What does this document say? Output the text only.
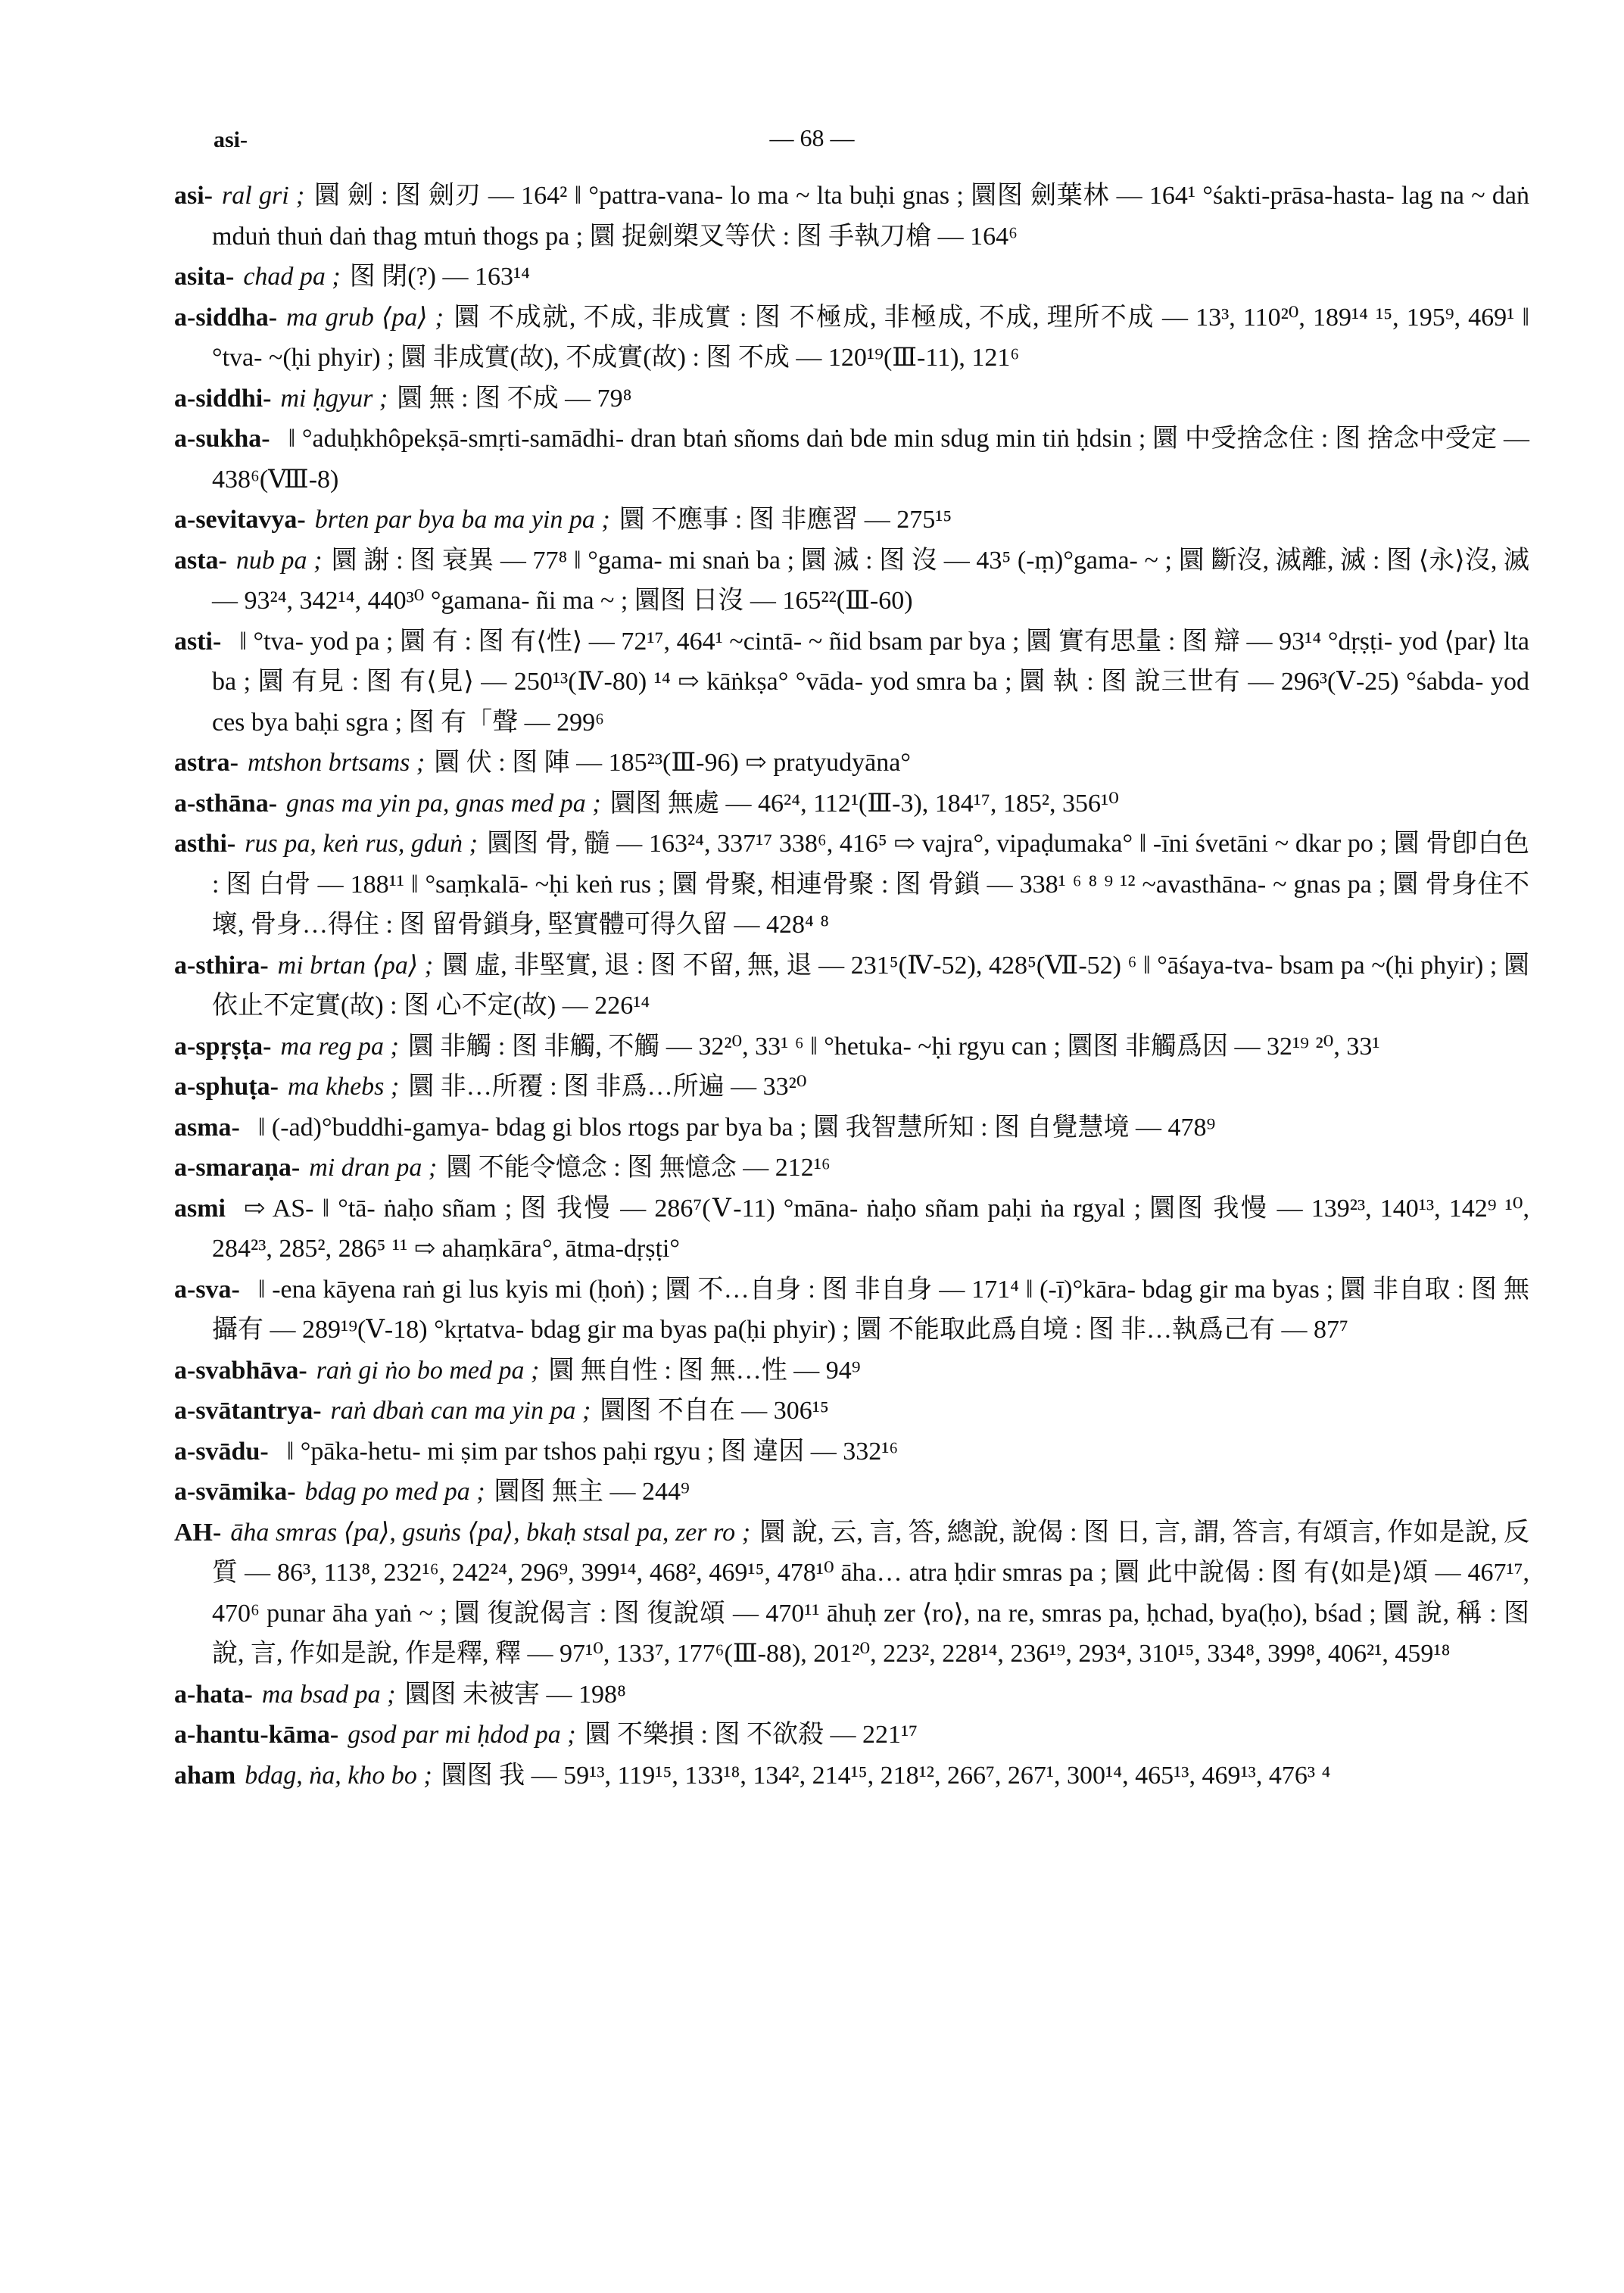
asi-	— 68 —

asi- ral gri ; 圜 劍 : 图 劍刃 — 164² ‖ °pattra-vana- lo ma ~ lta buḥi gnas ; 圜图 劍葉林 — 164¹ °śakti-prāsa-hasta- lag na ~ daṅ mduṅ thuṅ daṅ thag mtuṅ thogs pa ; 圜 捉劍槊叉等伏 : 图 手執刀槍 — 164⁶

asita- chad pa ; 图 閉(?) — 163¹⁴

a-siddha- ma grub ⟨pa⟩ ; 圜 不成就, 不成, 非成實 : 图 不極成, 非極成, 不成, 理所不成 — 13³, 110²⁰, 189¹⁴ ¹⁵, 195⁹, 469¹ ‖ °tva- ~(ḥi phyir) ; 圜 非成實(故), 不成實(故) : 图 不成 — 120¹⁹(Ⅲ-11), 121⁶

a-siddhi- mi ḥgyur ; 圜 無 : 图 不成 — 79⁸

a-sukha- ‖ °aduḥkhôpekṣā-smṛti-samādhi- dran btaṅ sñoms daṅ bde min sdug min tiṅ ḥdsin ; 圜 中受捨念住 : 图 捨念中受定 — 438⁶(Ⅷ-8)

a-sevitavya- brten par bya ba ma yin pa ; 圜 不應事 : 图 非應習 — 275¹⁵

asta- nub pa ; 圜 謝 : 图 衰異 — 77⁸ ‖ °gama- mi snaṅ ba ; 圜 滅 : 图 沒 — 43⁵ (-ṃ)°gama- ~ ; 圜 斷沒, 滅離, 滅 : 图 ⟨永⟩沒, 滅 — 93²⁴, 342¹⁴, 440³⁰ °gamana- ñi ma ~ ; 圜图 日沒 — 165²²(Ⅲ-60)

asti- ‖ °tva- yod pa ; 圜 有 : 图 有⟨性⟩ — 72¹⁷, 464¹ ~cintā- ~ ñid bsam par bya ; 圜 實有思量 : 图 辯 — 93¹⁴ °dṛṣṭi- yod ⟨par⟩ lta ba ; 圜 有見 : 图 有⟨見⟩ — 250¹³(Ⅳ-80) ¹⁴ ⇨ kāṅkṣa° °vāda- yod smra ba ; 圜 執 : 图 說三世有 — 296³(Ⅴ-25) °śabda- yod ces bya baḥi sgra ; 图 有「聲 — 299⁶

astra- mtshon brtsams ; 圜 伏 : 图 陣 — 185²³(Ⅲ-96) ⇨ pratyudyāna°

a-sthāna- gnas ma yin pa, gnas med pa ; 圜图 無處 — 46²⁴, 112¹(Ⅲ-3), 184¹⁷, 185², 356¹⁰

asthi- rus pa, keṅ rus, gduṅ ; 圜图 骨, 髓 — 163²⁴, 337¹⁷ 338⁶, 416⁵ ⇨ vajra°, vipaḍumaka° ‖ -īni śvetāni ~ dkar po ; 圜 骨卽白色 : 图 白骨 — 188¹¹ ‖ °saṃkalā- ~ḥi keṅ rus ; 圜 骨聚, 相連骨聚 : 图 骨鎖 — 338¹ ⁶ ⁸ ⁹ ¹² ~avasthāna- ~ gnas pa ; 圜 骨身住不壞, 骨身…得住 : 图 留骨鎖身, 堅實體可得久留 — 428⁴ ⁸

a-sthira- mi brtan ⟨pa⟩ ; 圜 虛, 非堅實, 退 : 图 不留, 無, 退 — 231⁵(Ⅳ-52), 428⁵(Ⅶ-52) ⁶ ‖ °āśaya-tva- bsam pa ~(ḥi phyir) ; 圜 依止不定實(故) : 图 心不定(故) — 226¹⁴

a-spṛṣṭa- ma reg pa ; 圜 非觸 : 图 非觸, 不觸 — 32²⁰, 33¹ ⁶ ‖ °hetuka- ~ḥi rgyu can ; 圜图 非觸爲因 — 32¹⁹ ²⁰, 33¹

a-sphuṭa- ma khebs ; 圜 非…所覆 : 图 非爲…所遍 — 33²⁰

asma- ‖ (-ad)°buddhi-gamya- bdag gi blos rtogs par bya ba ; 圜 我智慧所知 : 图 自覺慧境 — 478⁹

a-smaraṇa- mi dran pa ; 圜 不能令憶念 : 图 無憶念 — 212¹⁶

asmi ⇨ AS- ‖ °tā- ṅaḥo sñam ; 图 我慢 — 286⁷(Ⅴ-11) °māna- ṅaḥo sñam paḥi ṅa rgyal ; 圜图 我慢 — 139²³, 140¹³, 142⁹ ¹⁰, 284²³, 285², 286⁵ ¹¹ ⇨ ahaṃkāra°, ātma-dṛṣṭi°

a-sva- ‖ -ena kāyena raṅ gi lus kyis mi (ḥoṅ) ; 圜 不…自身 : 图 非自身 — 171⁴ ‖ (-ī)°kāra- bdag gir ma byas ; 圜 非自取 : 图 無攝有 — 289¹⁹(Ⅴ-18) °kṛtatva- bdag gir ma byas pa(ḥi phyir) ; 圜 不能取此爲自境 : 图 非…執爲己有 — 87⁷

a-svabhāva- raṅ gi ṅo bo med pa ; 圜 無自性 : 图 無…性 — 94⁹

a-svātantrya- raṅ dbaṅ can ma yin pa ; 圜图 不自在 — 306¹⁵

a-svādu- ‖ °pāka-hetu- mi ṣim par tshos paḥi rgyu ; 图 違因 — 332¹⁶

a-svāmika- bdag po med pa ; 圜图 無主 — 244⁹

AH- āha smras ⟨pa⟩, gsuṅs ⟨pa⟩, bkaḥ stsal pa, zer ro ; 圜 說, 云, 言, 答, 總說, 說偈 : 图 日, 言, 謂, 答言, 有頌言, 作如是說, 反質 — 86³, 113⁸, 232¹⁶, 242²⁴, 296⁹, 399¹⁴, 468², 469¹⁵, 478¹⁰ āha… atra ḥdir smras pa ; 圜 此中說偈 : 图 有⟨如是⟩頌 — 467¹⁷, 470⁶ punar āha yaṅ ~ ; 圜 復說偈言 : 图 復說頌 — 470¹¹ āhuḥ zer ⟨ro⟩, na re, smras pa, ḥchad, bya(ḥo), bśad ; 圜 說, 稱 : 图 說, 言, 作如是說, 作是釋, 釋 — 97¹⁰, 133⁷, 177⁶(Ⅲ-88), 201²⁰, 223², 228¹⁴, 236¹⁹, 293⁴, 310¹⁵, 334⁸, 399⁸, 406²¹, 459¹⁸

a-hata- ma bsad pa ; 圜图 未被害 — 198⁸

a-hantu-kāma- gsod par mi ḥdod pa ; 圜 不樂損 : 图 不欲殺 — 221¹⁷

aham bdag, ṅa, kho bo ; 圜图 我 — 59¹³, 119¹⁵, 133¹⁸, 134², 214¹⁵, 218¹², 266⁷, 267¹, 300¹⁴, 465¹³, 469¹³, 476³ ⁴
